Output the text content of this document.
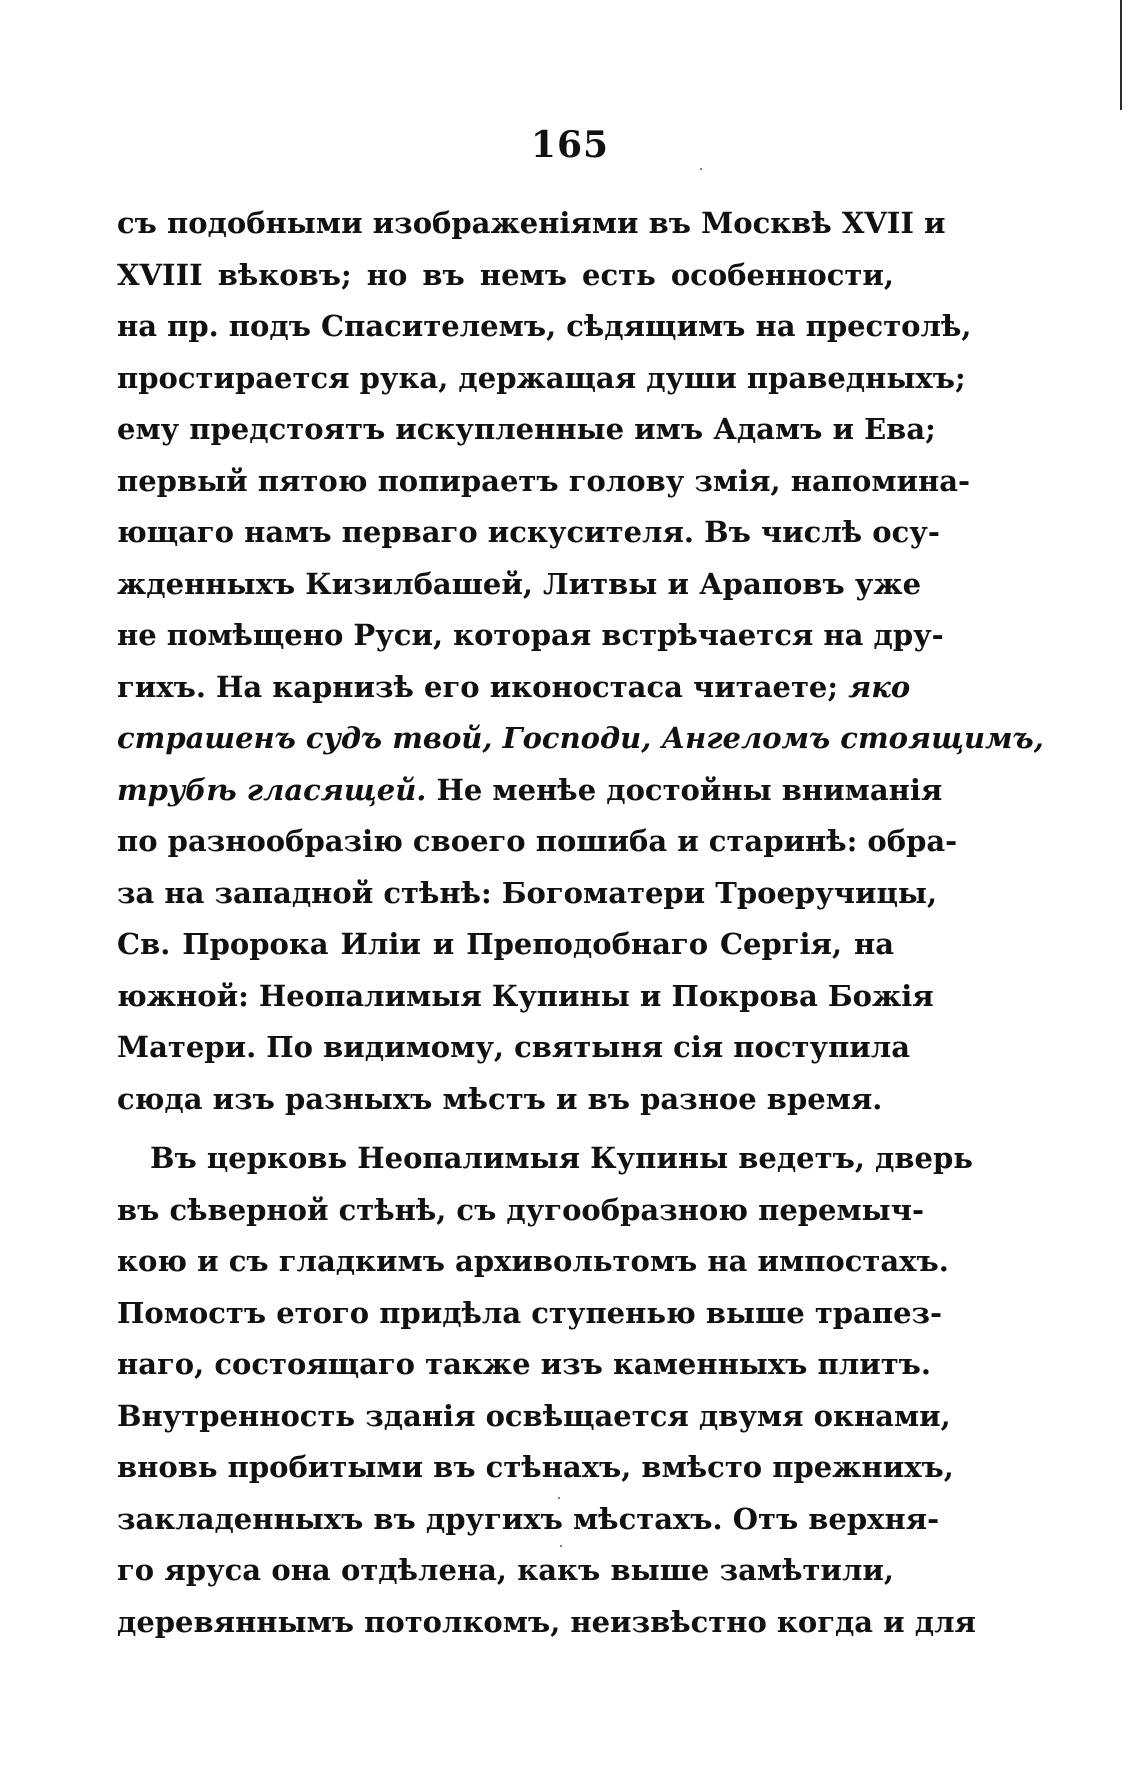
165
съ подобными изображеніями въ Москвѣ XVII и
XVIII вѣковъ; но въ немъ есть особенности,
на пр. подъ Спасителемъ, сѣдящимъ на престолѣ,
простирается рука, держащая души праведныхъ;
ему предстоятъ искупленные имъ Адамъ и Ева;
первый пятою попираетъ голову змія, напомина-
ющаго намъ перваго искусителя. Въ числѣ осу-
жденныхъ Кизилбашей, Литвы и Араповъ уже
не помѣщено Руси, которая встрѣчается на дру-
гихъ. На карнизѣ его иконостаса читаете; яко
страшенъ судъ твой, Господи, Ангеломъ стоящимъ,
трубѣ гласящей. Не менѣе достойны вниманія
по разнообразію своего пошиба и старинѣ: обра-
за на западной стѣнѣ: Богоматери Троеручицы,
Св. Пророка Иліи и Преподобнаго Сергія, на
южной: Неопалимыя Купины и Покрова Божія
Матери. По видимому, святыня сія поступила
сюда изъ разныхъ мѣстъ и въ разное время.
Въ церковь Неопалимыя Купины ведетъ, дверь
въ сѣверной стѣнѣ, съ дугообразною перемыч-
кою и съ гладкимъ архивольтомъ на импостахъ.
Помостъ етого придѣла ступенью выше трапез-
наго, состоящаго также изъ каменныхъ плитъ.
Внутренность зданія освѣщается двумя окнами,
вновь пробитыми въ стѣнахъ, вмѣсто прежнихъ,
закладенныхъ въ другихъ мѣстахъ. Отъ верхня-
го яруса она отдѣлена, какъ выше замѣтили,
деревяннымъ потолкомъ, неизвѣстно когда и для
